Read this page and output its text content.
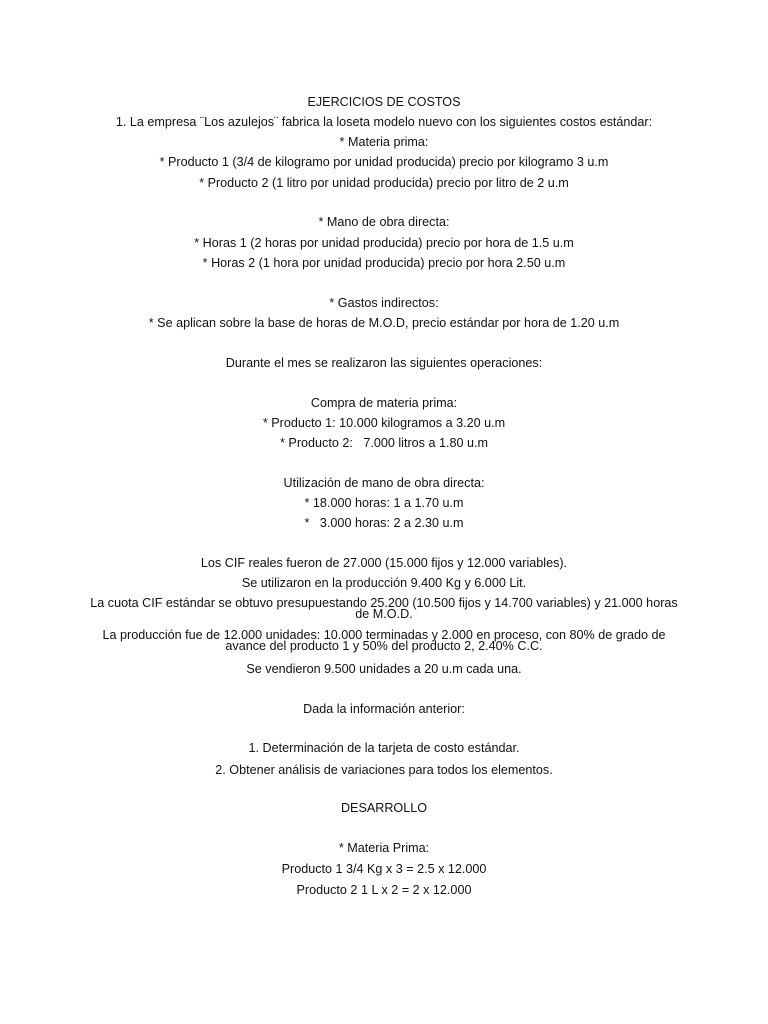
EJERCICIOS DE COSTOS
1. La empresa ¨Los azulejos¨ fabrica la loseta modelo nuevo con los siguientes costos estándar:
* Materia prima:
* Producto 1 (3/4 de kilogramo por unidad producida) precio por kilogramo 3 u.m
* Producto 2 (1 litro por unidad producida) precio por litro de 2 u.m
* Mano de obra directa:
* Horas 1 (2 horas por unidad producida) precio por hora de 1.5 u.m
* Horas 2 (1 hora por unidad producida) precio por hora 2.50 u.m
* Gastos indirectos:
* Se aplican sobre la base de horas de M.O.D, precio estándar por hora de 1.20 u.m
Durante el mes se realizaron las siguientes operaciones:
Compra de materia prima:
* Producto 1: 10.000 kilogramos a 3.20 u.m
* Producto 2:   7.000 litros a 1.80 u.m
Utilización de mano de obra directa:
* 18.000 horas: 1 a 1.70 u.m
*   3.000 horas: 2 a 2.30 u.m
Los CIF reales fueron de 27.000 (15.000 fijos y 12.000 variables).
Se utilizaron en la producción 9.400 Kg y 6.000 Lit.
La cuota CIF estándar se obtuvo presupuestando 25.200 (10.500 fijos y 14.700 variables) y 21.000 horas de M.O.D.
La producción fue de 12.000 unidades: 10.000 terminadas y 2.000 en proceso, con 80% de grado de avance del producto 1 y 50% del producto 2, 2.40% C.C.
Se vendieron 9.500 unidades a 20 u.m cada una.
Dada la información anterior:
1. Determinación de la tarjeta de costo estándar.
2. Obtener análisis de variaciones para todos los elementos.
DESARROLLO
* Materia Prima:
Producto 1 3/4 Kg x 3 = 2.5 x 12.000
Producto 2 1 L x 2 = 2 x 12.000
